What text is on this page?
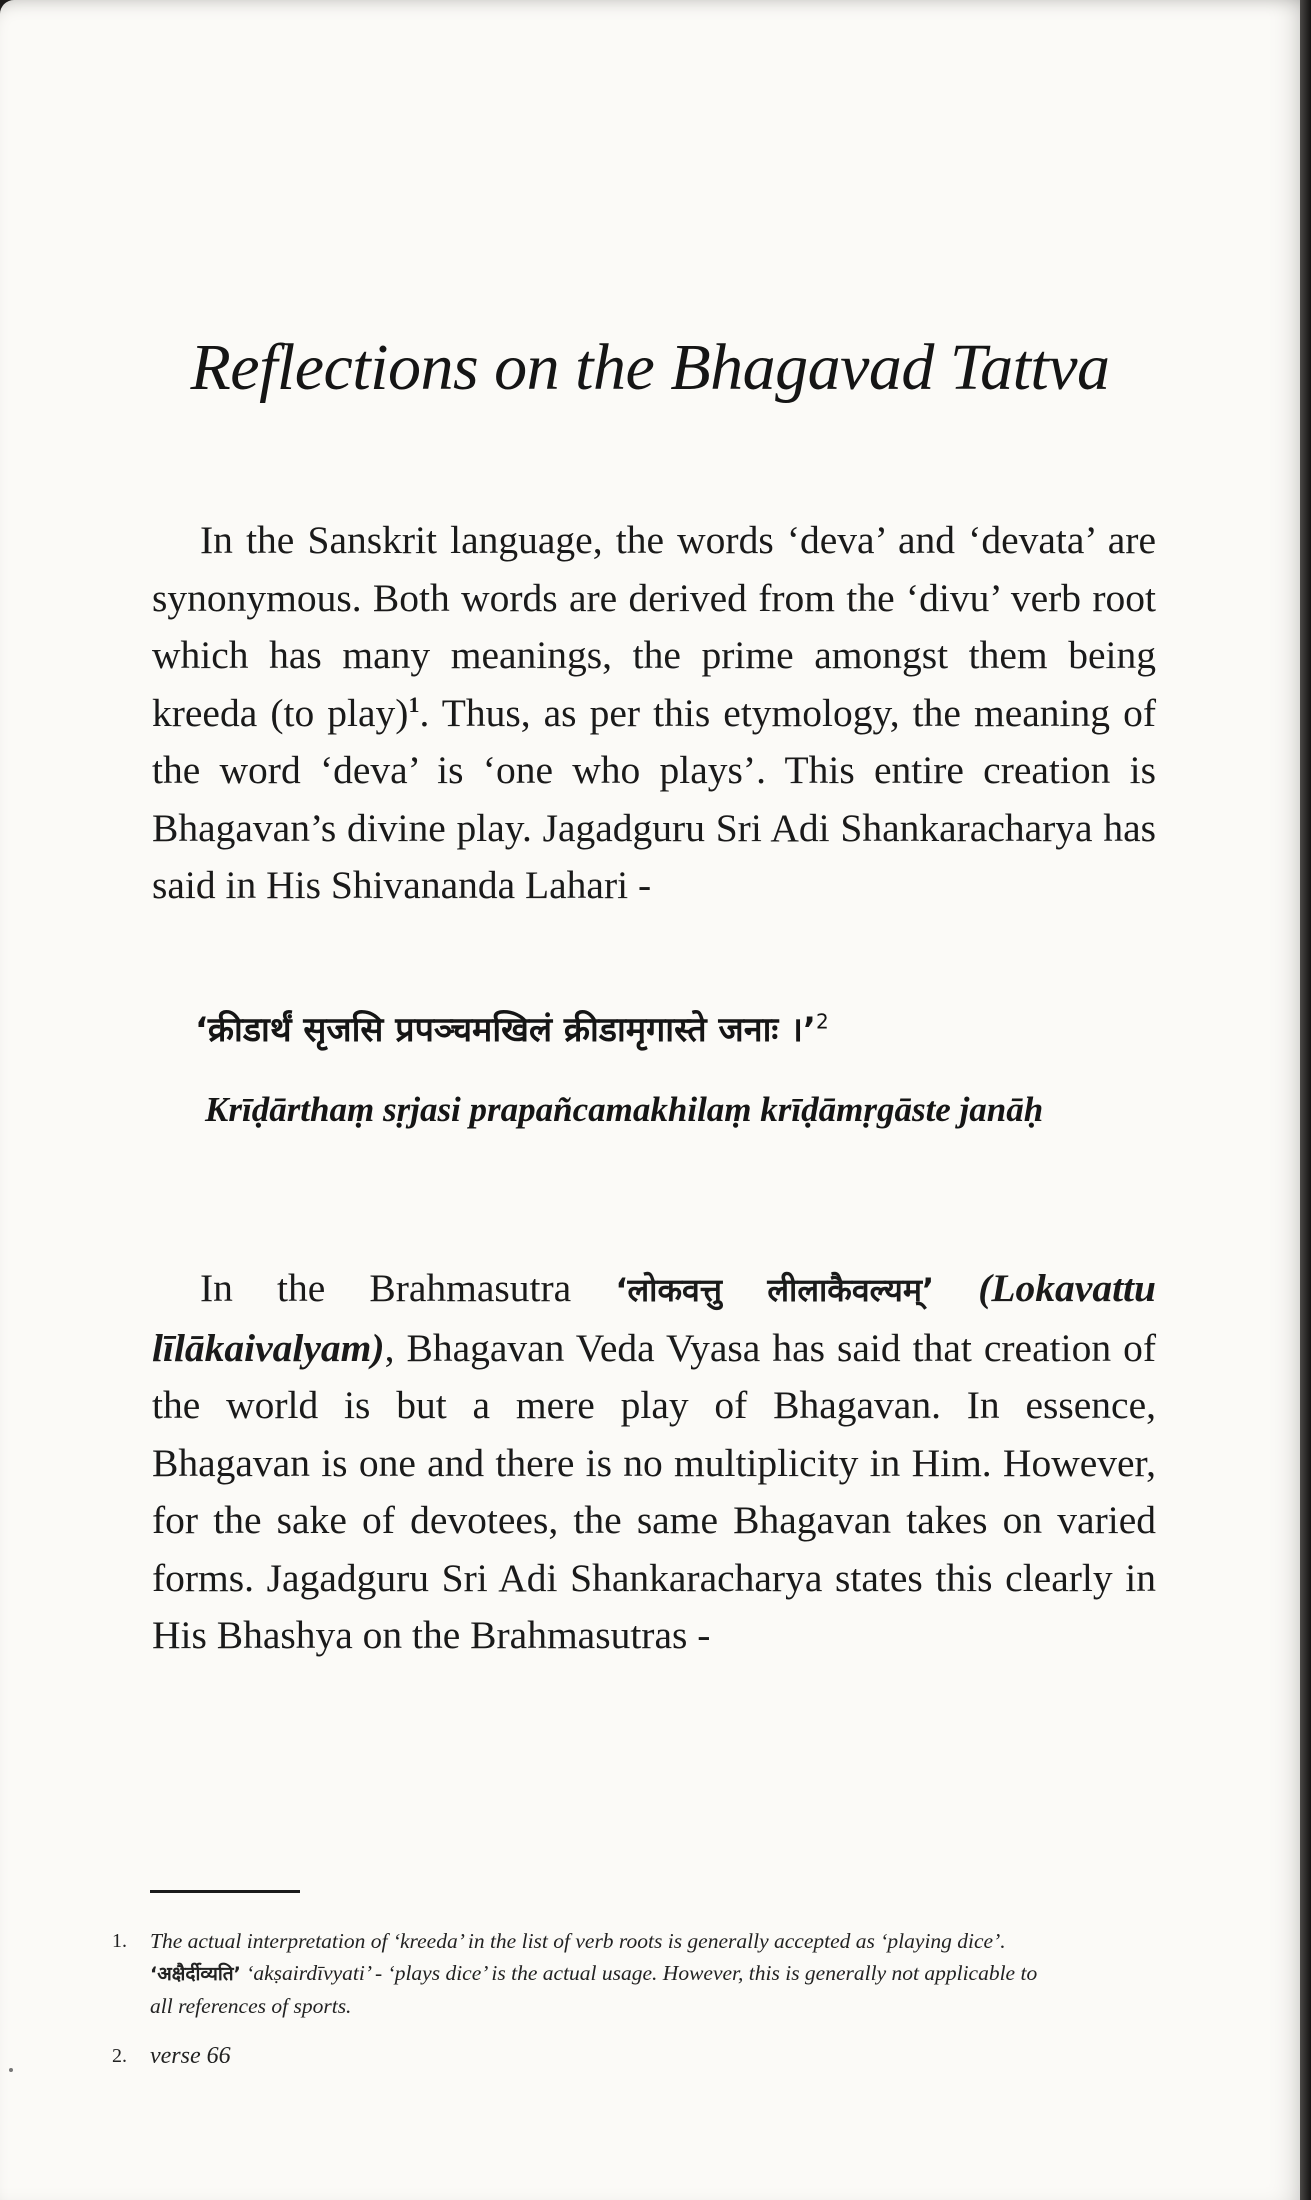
Reflections on the Bhagavad Tattva

In the Sanskrit language, the words ‘deva’ and ‘devata’ are synonymous. Both words are derived from the ‘divu’ verb root which has many meanings, the prime amongst them being kreeda (to play)$^1$. Thus, as per this etymology, the meaning of the word ‘deva’ is ‘one who plays’. This entire creation is Bhagavan’s divine play. Jagadguru Sri Adi Shankaracharya has said in His Shivananda Lahari -

‘क्रीडार्थं सृजसि प्रपञ्चमखिलं क्रीडामृगास्ते जनाः ।’$^2$

Krīḍārthaṃ sṛjasi prapañcamakhilaṃ krīḍāmṛgāste janāḥ

In the Brahmasutra ‘लोकवत्तु लीलाकैवल्यम्’ (Lokavattu līlākaivalyam), Bhagavan Veda Vyasa has said that creation of the world is but a mere play of Bhagavan. In essence, Bhagavan is one and there is no multiplicity in Him. However, for the sake of devotees, the same Bhagavan takes on varied forms. Jagadguru Sri Adi Shankaracharya states this clearly in His Bhashya on the Brahmasutras -

1.	The actual interpretation of ‘kreeda’ in the list of verb roots is generally accepted as ‘playing dice’. ‘अक्षैर्दीव्यति’ ‘akṣairdīvyati’ - ‘plays dice’ is the actual usage. However, this is generally not applicable to all references of sports.

2. verse 66
